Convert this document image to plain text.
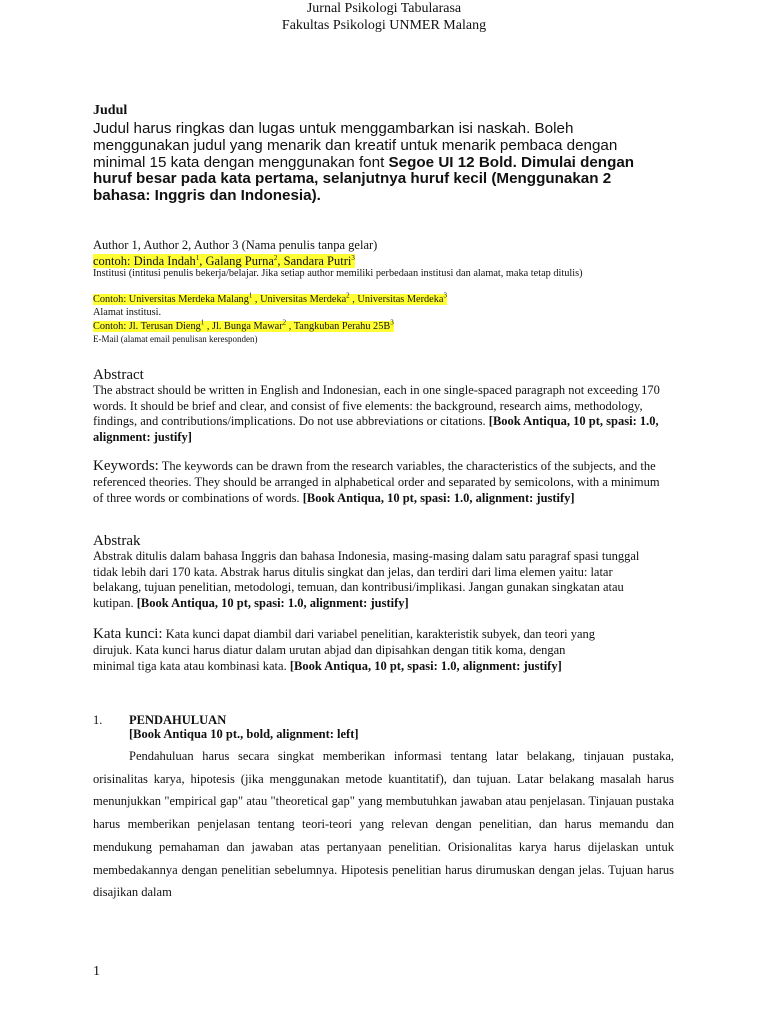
Jurnal Psikologi Tabularasa
Fakultas Psikologi UNMER Malang
Judul
Judul harus ringkas dan lugas untuk menggambarkan isi naskah. Boleh menggunakan judul yang menarik dan kreatif untuk menarik pembaca dengan minimal 15 kata dengan menggunakan font Segoe UI 12 Bold. Dimulai dengan huruf besar pada kata pertama, selanjutnya huruf kecil (Menggunakan 2 bahasa: Inggris dan Indonesia).
Author 1, Author 2, Author 3 (Nama penulis tanpa gelar)
contoh: Dinda Indah$^1$, Galang Purna$^2$, Sandara Putri$^3$
Institusi (intitusi penulis bekerja/belajar. Jika setiap author memiliki perbedaan institusi dan alamat, maka tetap ditulis)
Contoh: Universitas Merdeka Malang$^1$ , Universitas Merdeka$^2$ , Universitas Merdeka$^3$
Alamat institusi.
Contoh: Jl. Terusan Dieng$^1$ , Jl. Bunga Mawar$^2$ , Tangkuban Perahu $25B^3$
E-Mail (alamat email penulisan keresponden)
Abstract
The abstract should be written in English and Indonesian, each in one single-spaced paragraph not exceeding 170 words. It should be brief and clear, and consist of five elements: the background, research aims, methodology, findings, and contributions/implications. Do not use abbreviations or citations. [Book Antiqua, 10 pt, spasi: 1.0, alignment: justify]
Keywords: The keywords can be drawn from the research variables, the characteristics of the subjects, and the referenced theories. They should be arranged in alphabetical order and separated by semicolons, with a minimum of three words or combinations of words. [Book Antiqua, 10 pt, spasi: 1.0, alignment: justify]
Abstrak
Abstrak ditulis dalam bahasa Inggris dan bahasa Indonesia, masing-masing dalam satu paragraf spasi tunggal tidak lebih dari 170 kata. Abstrak harus ditulis singkat dan jelas, dan terdiri dari lima elemen yaitu: latar belakang, tujuan penelitian, metodologi, temuan, dan kontribusi/implikasi. Jangan gunakan singkatan atau kutipan. [Book Antiqua, 10 pt, spasi: 1.0, alignment: justify]
Kata kunci: Kata kunci dapat diambil dari variabel penelitian, karakteristik subyek, dan teori yang dirujuk. Kata kunci harus diatur dalam urutan abjad dan dipisahkan dengan titik koma, dengan minimal tiga kata atau kombinasi kata. [Book Antiqua, 10 pt, spasi: 1.0, alignment: justify]
1. PENDAHULUAN
[Book Antiqua 10 pt., bold, alignment: left]

Pendahuluan harus secara singkat memberikan informasi tentang latar belakang, tinjauan pustaka, orisinalitas karya, hipotesis (jika menggunakan metode kuantitatif), dan tujuan. Latar belakang masalah harus menunjukkan "empirical gap" atau "theoretical gap" yang membutuhkan jawaban atau penjelasan. Tinjauan pustaka harus memberikan penjelasan tentang teori-teori yang relevan dengan penelitian, dan harus memandu dan mendukung pemahaman dan jawaban atas pertanyaan penelitian. Orisionalitas karya harus dijelaskan untuk membedakannya dengan penelitian sebelumnya. Hipotesis penelitian harus dirumuskan dengan jelas. Tujuan harus disajikan dalam

1
